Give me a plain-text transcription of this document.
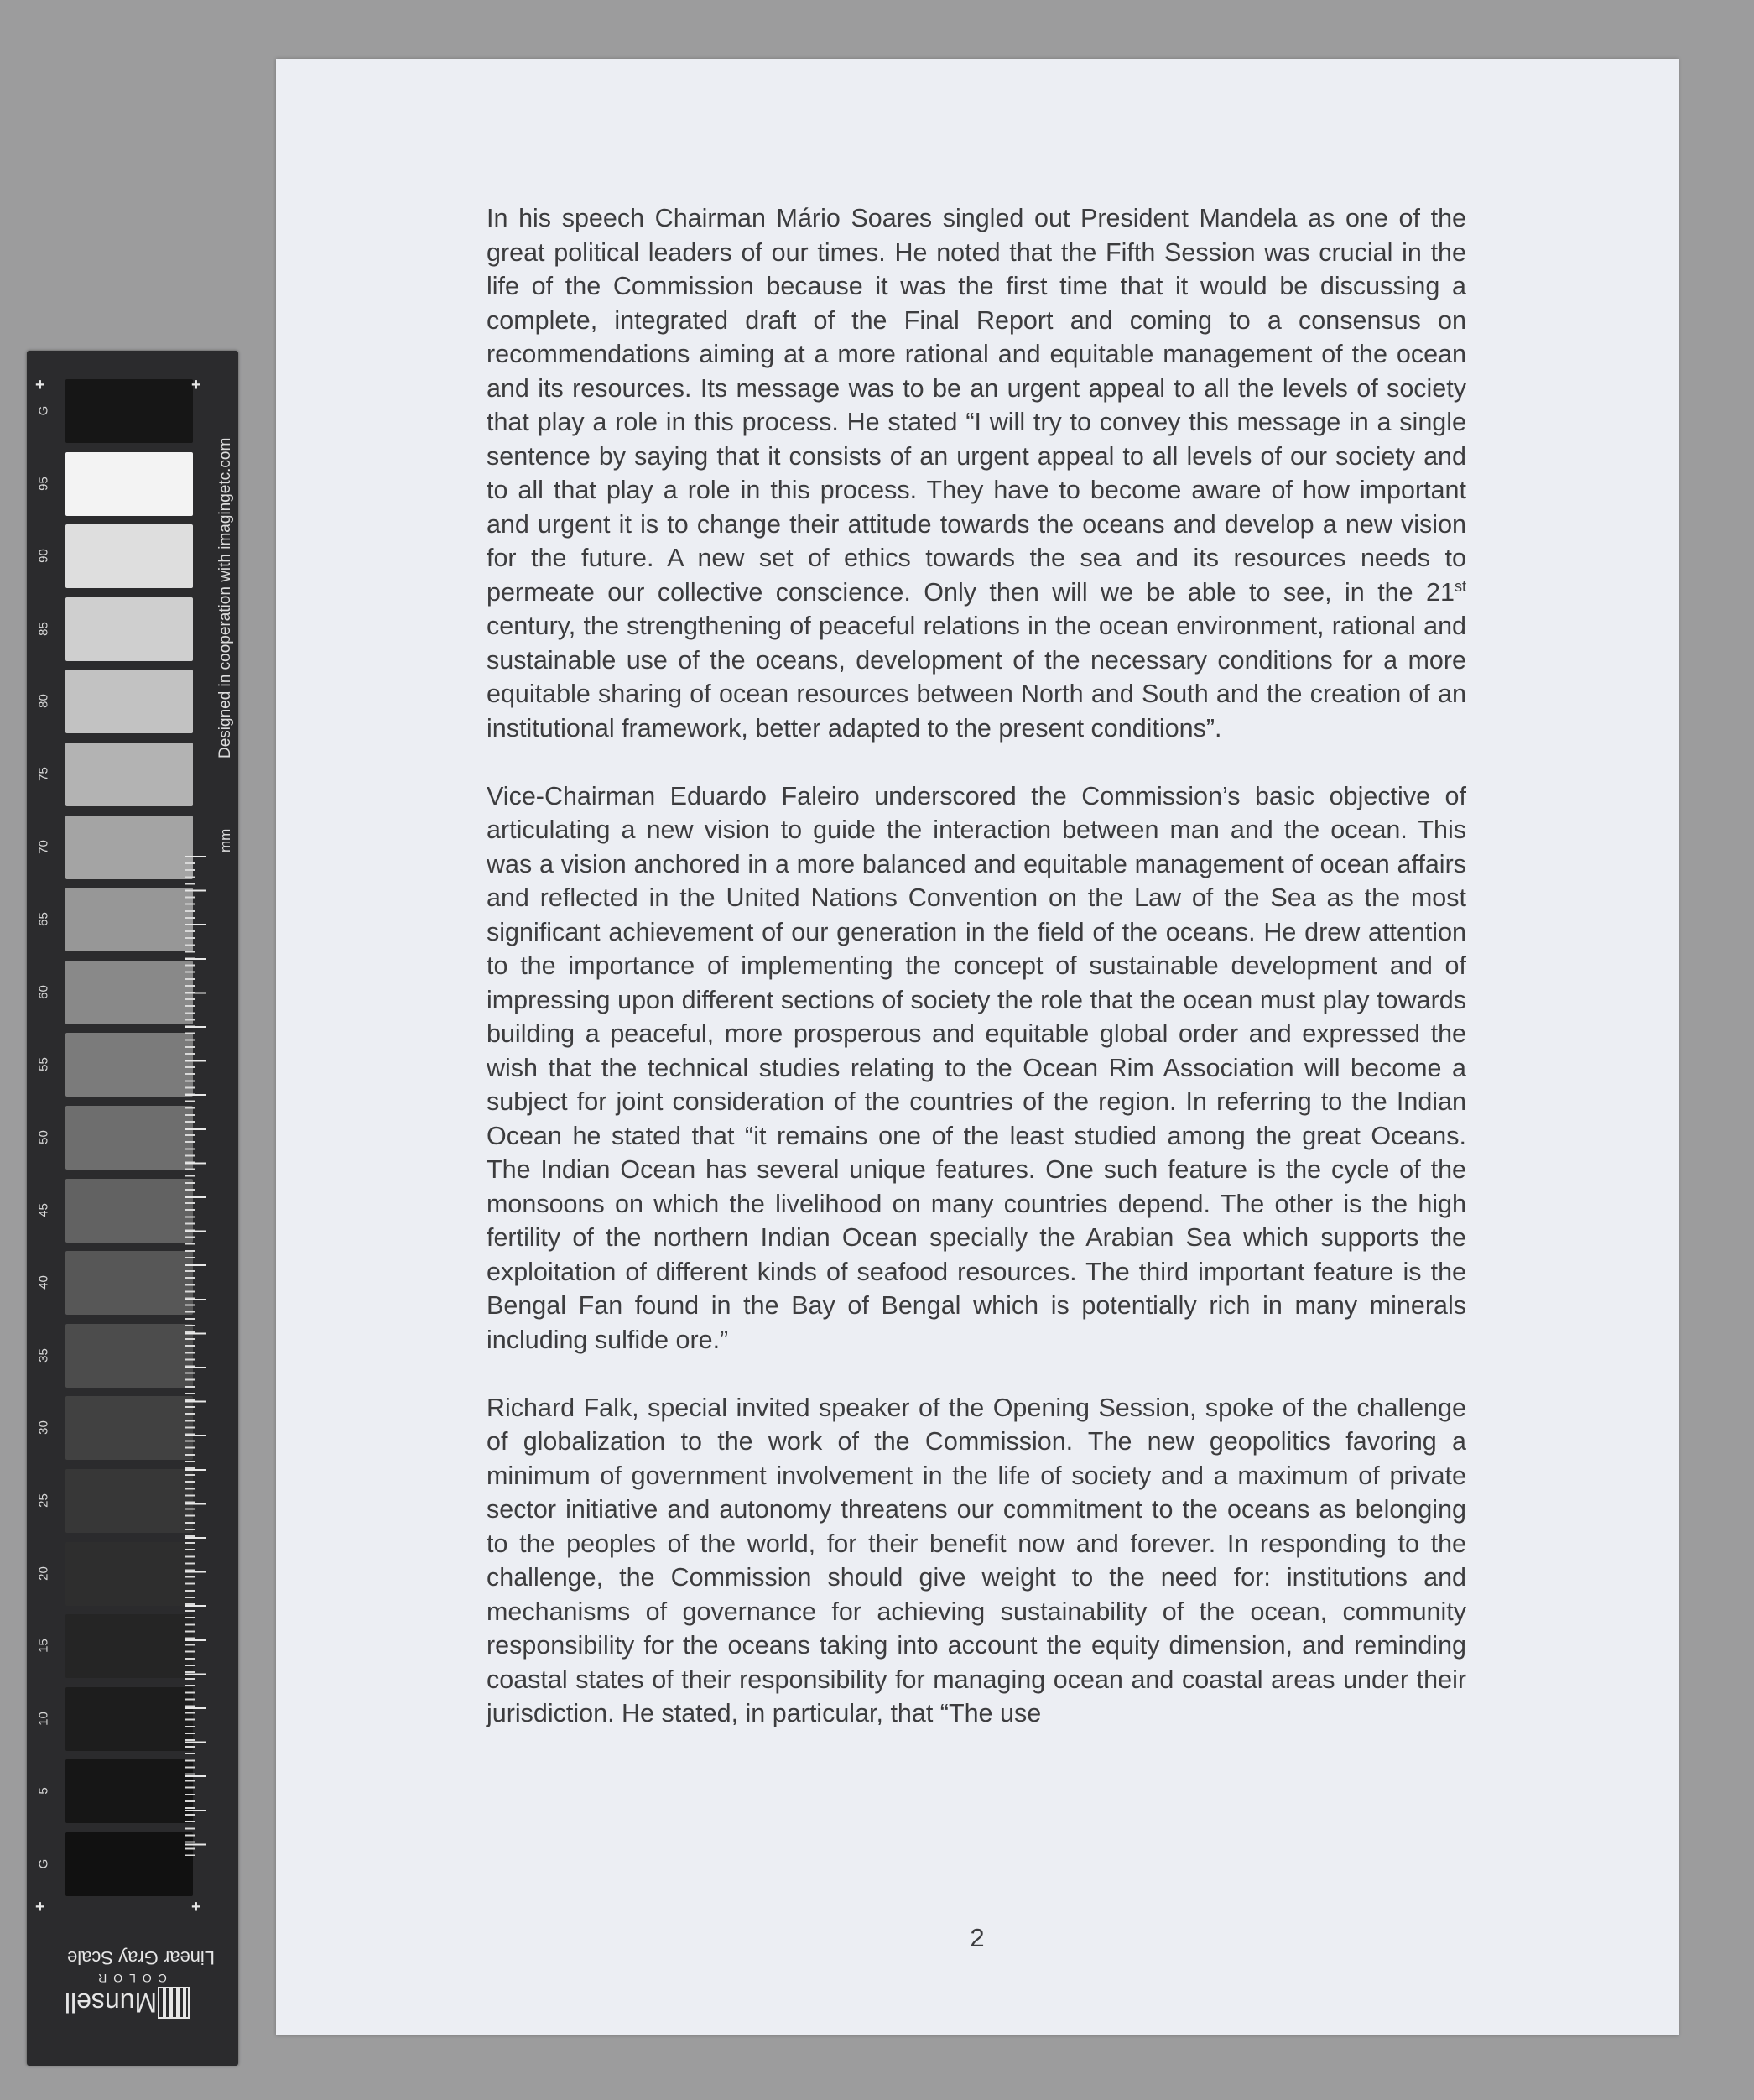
G
95
90
85
80
75
70
65
60
55
50
45
40
35
30
25
20
15
10
5
G
+	+
+	+
Designed in cooperation with imagingetc.com
mm
Linear Gray Scale
COLOR
Munsell

In his speech Chairman Mário Soares singled out President Mandela as one of the great political leaders of our times. He noted that the Fifth Session was crucial in the life of the Commission because it was the first time that it would be discussing a complete, integrated draft of the Final Report and coming to a consensus on recommendations aiming at a more rational and equitable management of the ocean and its resources. Its message was to be an urgent appeal to all the levels of society that play a role in this process. He stated “I will try to convey this message in a single sentence by saying that it consists of an urgent appeal to all levels of our society and to all that play a role in this process. They have to become aware of how important and urgent it is to change their attitude towards the oceans and develop a new vision for the future. A new set of ethics towards the sea and its resources needs to permeate our collective conscience. Only then will we be able to see, in the 21st century, the strengthening of peaceful relations in the ocean environment, rational and sustainable use of the oceans, development of the necessary conditions for a more equitable sharing of ocean resources between North and South and the creation of an institutional framework, better adapted to the present conditions”.

Vice-Chairman Eduardo Faleiro underscored the Commission’s basic objective of articulating a new vision to guide the interaction between man and the ocean. This was a vision anchored in a more balanced and equitable management of ocean affairs and reflected in the United Nations Convention on the Law of the Sea as the most significant achievement of our generation in the field of the oceans. He drew attention to the importance of implementing the concept of sustainable development and of impressing upon different sections of society the role that the ocean must play towards building a peaceful, more prosperous and equitable global order and expressed the wish that the technical studies relating to the Ocean Rim Association will become a subject for joint consideration of the countries of the region. In referring to the Indian Ocean he stated that “it remains one of the least studied among the great Oceans. The Indian Ocean has several unique features. One such feature is the cycle of the monsoons on which the livelihood on many countries depend. The other is the high fertility of the northern Indian Ocean specially the Arabian Sea which supports the exploitation of different kinds of seafood resources. The third important feature is the Bengal Fan found in the Bay of Bengal which is potentially rich in many minerals including sulfide ore.”

Richard Falk, special invited speaker of the Opening Session, spoke of the challenge of globalization to the work of the Commission. The new geopolitics favoring a minimum of government involvement in the life of society and a maximum of private sector initiative and autonomy threatens our commitment to the oceans as belonging to the peoples of the world, for their benefit now and forever. In responding to the challenge, the Commission should give weight to the need for: institutions and mechanisms of governance for achieving sustainability of the ocean, community responsibility for the oceans taking into account the equity dimension, and reminding coastal states of their responsibility for managing ocean and coastal areas under their jurisdiction. He stated, in particular, that “The use

2
